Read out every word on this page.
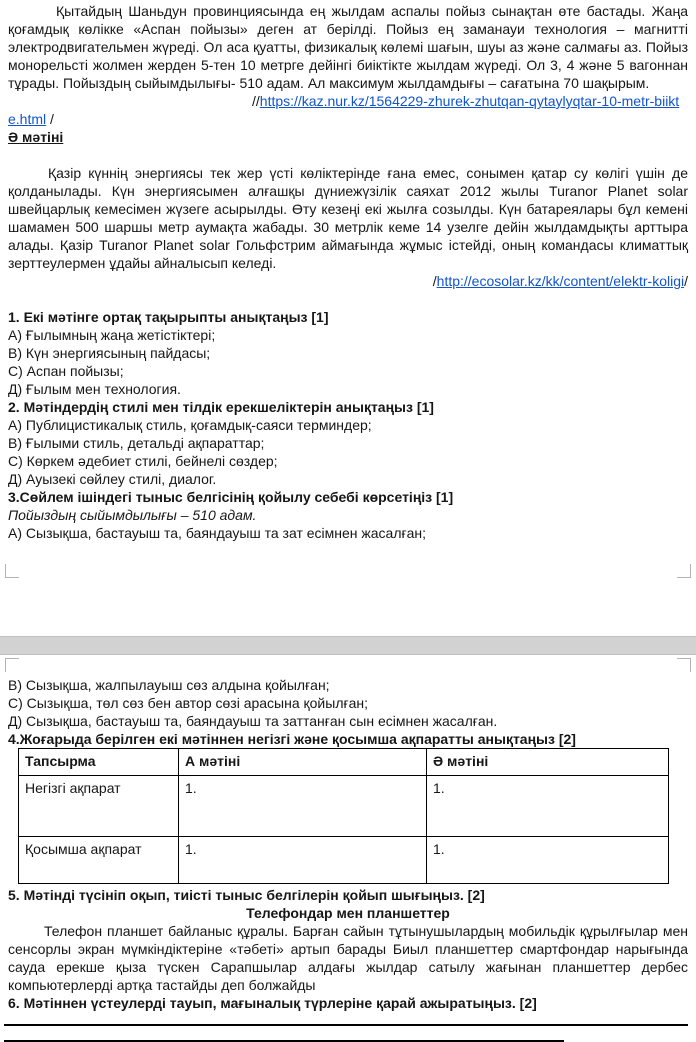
Қытайдың Шаньдун провинциясында ең жылдам аспалы пойыз сынақтан өте бастады. Жаңа қоғамдық көлікке «Аспан пойызы» деген ат берілді. Пойыз ең заманауи технология – магнитті электродвигательмен жүреді. Ол аса қуатты, физикалық көлемі шағын, шуы аз және салмағы аз. Пойыз монорельсті жолмен жерден 5-тен 10 метрге дейінгі биіктікте жылдам жүреді. Ол 3, 4 және 5 вагоннан тұрады. Пойыздың сыйымдылығы- 510 адам. Ал максимум жылдамдығы – сағатына 70 шақырым.

//https://kaz.nur.kz/1564229-zhurek-zhutqan-qytaylyqtar-10-metr-biikte.html /

Ә мәтіні

Қазір күннің энергиясы тек жер үсті көліктерінде ғана емес, сонымен қатар су көлігі үшін де қолданылады. Күн энергиясымен алғашқы дүниежүзілік саяхат 2012 жылы Turanor Planet solar швейцарлық кемесімен жүзеге асырылды. Өту кезеңі екі жылға созылды. Күн батареялары бұл кемені шамамен 500 шаршы метр аумақта жабады. 30 метрлік кеме 14 узелге дейін жылдамдықты арттыра алады. Қазір Turanor Planet solar Гольфстрим аймағында жұмыс істейді, оның командасы климаттық зерттеулермен ұдайы айналысып келеді.

/http://ecosolar.kz/kk/content/elektr-koligi/

1. Екі мәтінге ортақ тақырыпты анықтаңыз [1]

А) Ғылымның жаңа жетістіктері;

В) Күн энергиясының пайдасы;

С) Аспан пойызы;

Д) Ғылым мен технология.

2. Мәтіндердің стилі мен тілдік ерекшеліктерін анықтаңыз [1]

А) Публицистикалық стиль, қоғамдық-саяси терминдер;

В) Ғылыми стиль, детальді ақпараттар;

С) Көркем әдебиет стилі, бейнелі сөздер;

Д) Ауызекі сөйлеу стилі, диалог.

3.Сөйлем ішіндегі тыныс белгісінің қойылу себебі көрсетіңіз [1]

Пойыздың сыйымдылығы – 510 адам.

А) Сызықша, бастауыш та, баяндауыш та зат есімнен жасалған;

В) Сызықша, жалпылауыш сөз алдына қойылған;

С) Сызықша, төл сөз бен автор сөзі арасына қойылған;

Д) Сызықша, бастауыш та, баяндауыш та заттанған сын есімнен жасалған.

4.Жоғарыда берілген екі мәтіннен негізгі және қосымша ақпаратты анықтаңыз [2]

Тапсырма	А мәтіні	Ә мәтіні
Негізгі ақпарат	1.	1.
Қосымша ақпарат	1.	1.

5. Мәтінді түсініп оқып, тиісті тыныс белгілерін қойып шығыңыз. [2]

Телефондар мен планшеттер

Телефон планшет байланыс құралы. Барған сайын тұтынушылардың мобильдік құрылғылар мен сенсорлы экран мүмкіндіктеріне «тәбеті» артып барады Биыл планшеттер смартфондар нарығында сауда ерекше қыза түскен Сарапшылар алдағы жылдар сатылу жағынан планшеттер дербес компьютерлерді артқа тастайды деп болжайды

6. Мәтіннен үстеулерді тауып, мағыналық түрлеріне қарай ажыратыңыз. [2]
